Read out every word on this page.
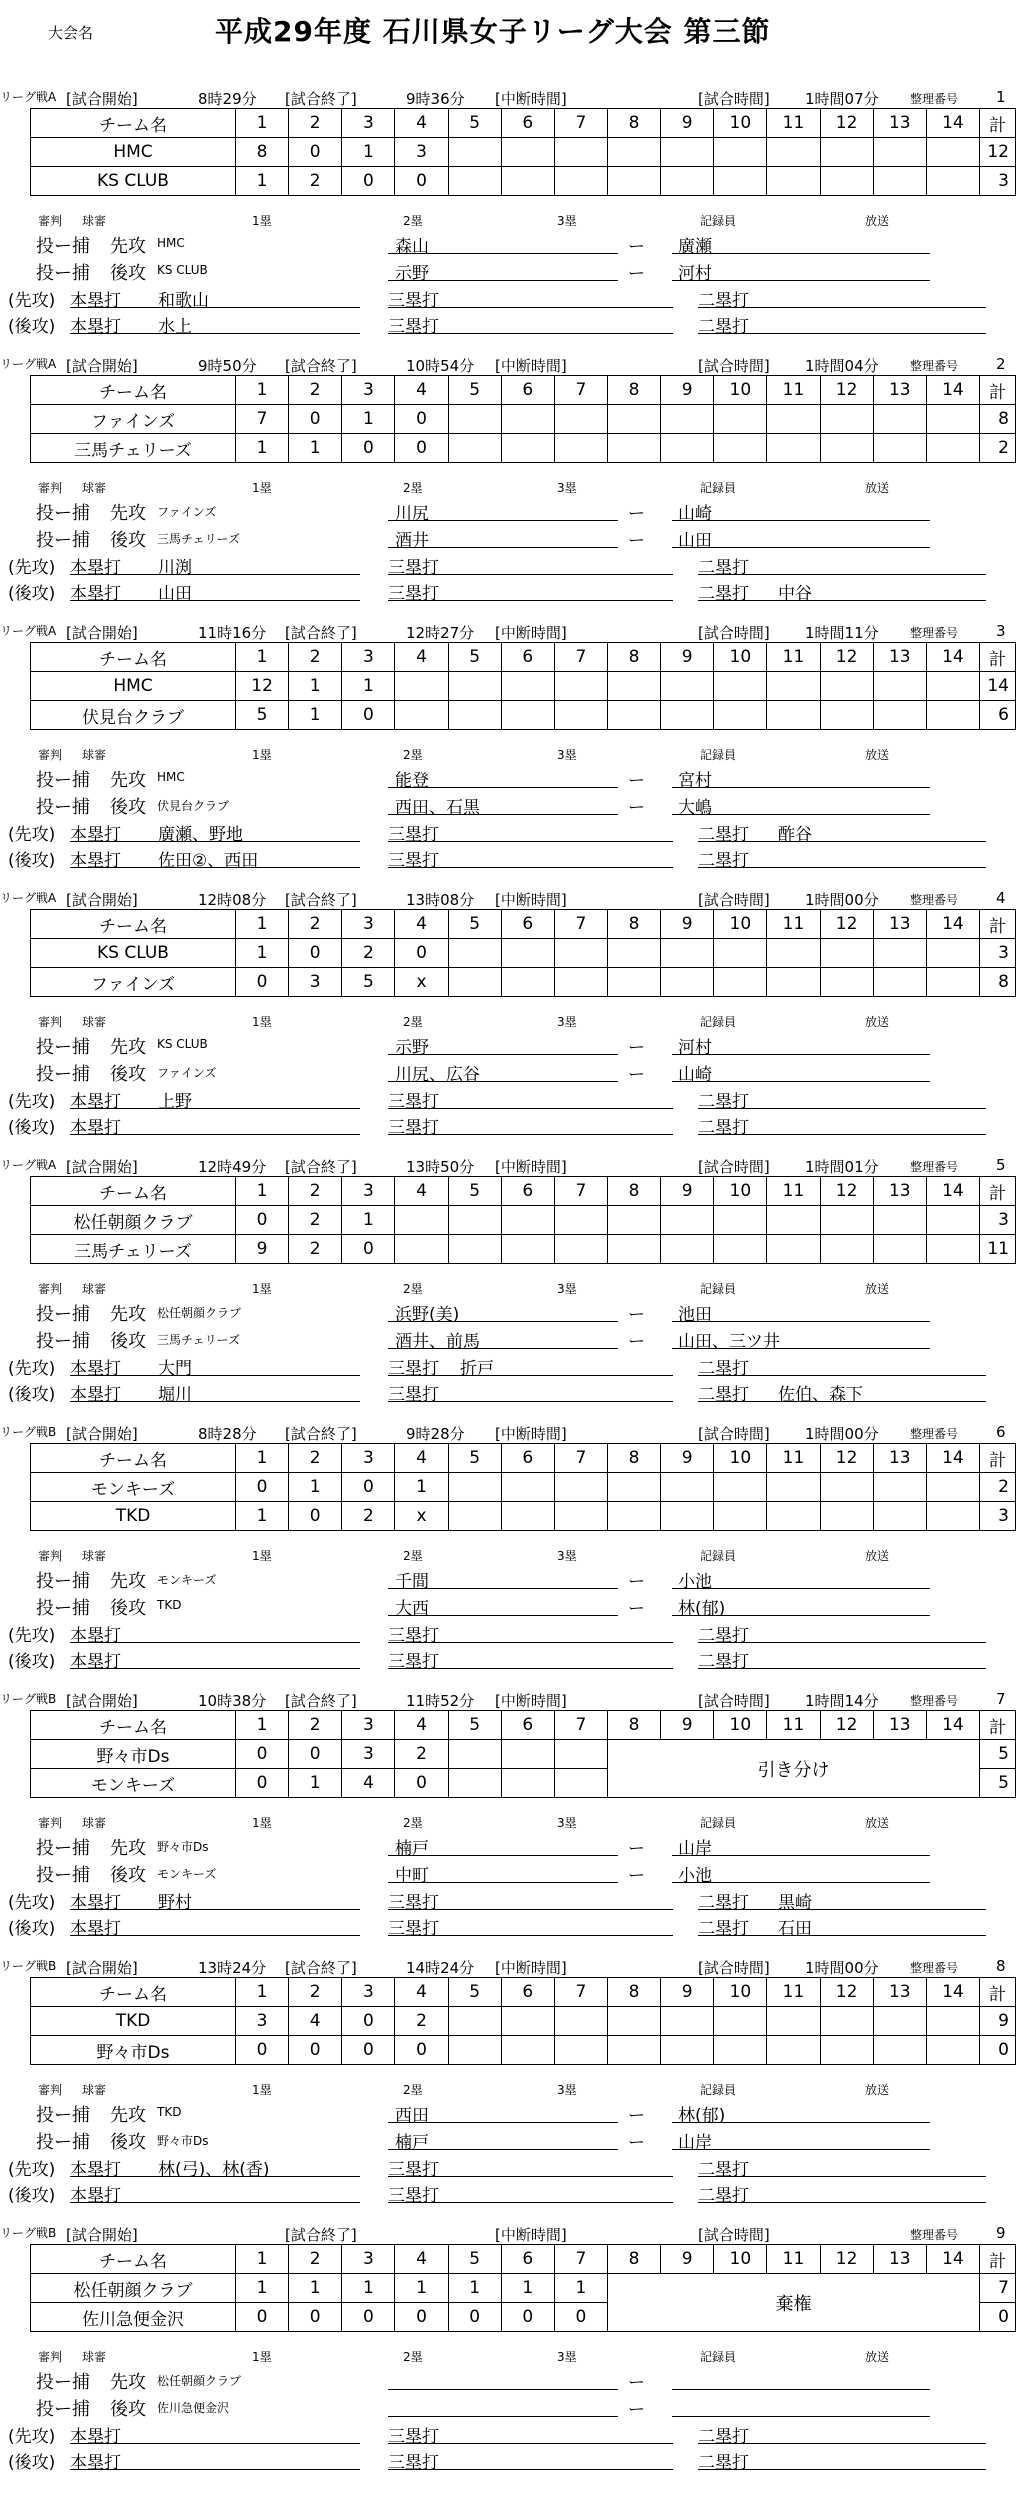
大会名	平成29年度 石川県女子リーグ大会 第三節
リーグ戦A [試合開始]	8時29分 [試合終了]	9時36分 [中断時間]	[試合時間] 1時間07分	整理番号	1
チーム名	1	2	3	4	5	6	7	8	9	10	11	12	13	14	計
HMC	8	0	1	3											12
KS CLUB	1	2	0	0											3
審判 球審	1塁	2塁	3塁	記録員	放送
投ー捕 先攻 HMC	森山	ー 廣瀬
投ー捕 後攻 KS CLUB	示野	ー 河村
(先攻) 本塁打 和歌山	三塁打	二塁打
(後攻) 本塁打 水上	三塁打	二塁打
リーグ戦A [試合開始]	9時50分 [試合終了]	10時54分 [中断時間]	[試合時間] 1時間04分	整理番号	2
チーム名	1	2	3	4	5	6	7	8	9	10	11	12	13	14	計
ファインズ	7	0	1	0											8
三馬チェリーズ	1	1	0	0											2
審判 球審	1塁	2塁	3塁	記録員	放送
投ー捕 先攻 ファインズ	川尻	ー 山崎
投ー捕 後攻 三馬チェリーズ	酒井	ー 山田
(先攻) 本塁打 川渕	三塁打	二塁打
(後攻) 本塁打 山田	三塁打	二塁打 中谷
リーグ戦A [試合開始]	11時16分 [試合終了]	12時27分 [中断時間]	[試合時間] 1時間11分	整理番号	3
チーム名	1	2	3	4	5	6	7	8	9	10	11	12	13	14	計
HMC	12	1	1												14
伏見台クラブ	5	1	0												6
審判 球審	1塁	2塁	3塁	記録員	放送
投ー捕 先攻 HMC	能登	ー 宮村
投ー捕 後攻 伏見台クラブ	西田、石黒	ー 大嶋
(先攻) 本塁打 廣瀬、野地	三塁打	二塁打 酢谷
(後攻) 本塁打 佐田②、西田	三塁打	二塁打
リーグ戦A [試合開始]	12時08分 [試合終了]	13時08分 [中断時間]	[試合時間] 1時間00分	整理番号	4
チーム名	1	2	3	4	5	6	7	8	9	10	11	12	13	14	計
KS CLUB	1	0	2	0											3
ファインズ	0	3	5	x											8
審判 球審	1塁	2塁	3塁	記録員	放送
投ー捕 先攻 KS CLUB	示野	ー 河村
投ー捕 後攻 ファインズ	川尻、広谷	ー 山崎
(先攻) 本塁打 上野	三塁打	二塁打
(後攻) 本塁打	三塁打	二塁打
リーグ戦A [試合開始]	12時49分 [試合終了]	13時50分 [中断時間]	[試合時間] 1時間01分	整理番号	5
チーム名	1	2	3	4	5	6	7	8	9	10	11	12	13	14	計
松任朝顔クラブ	0	2	1												3
三馬チェリーズ	9	2	0												11
審判 球審	1塁	2塁	3塁	記録員	放送
投ー捕 先攻 松任朝顔クラブ	浜野(美)	ー 池田
投ー捕 後攻 三馬チェリーズ	酒井、前馬	ー 山田、三ツ井
(先攻) 本塁打 大門	三塁打 折戸	二塁打
(後攻) 本塁打 堀川	三塁打	二塁打 佐伯、森下
リーグ戦B [試合開始]	8時28分 [試合終了]	9時28分 [中断時間]	[試合時間] 1時間00分	整理番号	6
チーム名	1	2	3	4	5	6	7	8	9	10	11	12	13	14	計
モンキーズ	0	1	0	1											2
TKD	1	0	2	x											3
審判 球審	1塁	2塁	3塁	記録員	放送
投ー捕 先攻 モンキーズ	千間	ー 小池
投ー捕 後攻 TKD	大西	ー 林(郁)
(先攻) 本塁打	三塁打	二塁打
(後攻) 本塁打	三塁打	二塁打
リーグ戦B [試合開始]	10時38分 [試合終了]	11時52分 [中断時間]	[試合時間] 1時間14分	整理番号	7
チーム名	1	2	3	4	5	6	7	8	9	10	11	12	13	14	計
野々市Ds	0	0	3	2				引き分け							5
モンキーズ	0	1	4	0											5
審判 球審	1塁	2塁	3塁	記録員	放送
投ー捕 先攻 野々市Ds	楠戸	ー 山岸
投ー捕 後攻 モンキーズ	中町	ー 小池
(先攻) 本塁打 野村	三塁打	二塁打 黒崎
(後攻) 本塁打	三塁打	二塁打 石田
リーグ戦B [試合開始]	13時24分 [試合終了]	14時24分 [中断時間]	[試合時間] 1時間00分	整理番号	8
チーム名	1	2	3	4	5	6	7	8	9	10	11	12	13	14	計
TKD	3	4	0	2											9
野々市Ds	0	0	0	0											0
審判 球審	1塁	2塁	3塁	記録員	放送
投ー捕 先攻 TKD	西田	ー 林(郁)
投ー捕 後攻 野々市Ds	楠戸	ー 山岸
(先攻) 本塁打 林(弓)、林(香)	三塁打	二塁打
(後攻) 本塁打	三塁打	二塁打
リーグ戦B [試合開始]	[試合終了]	[中断時間]	[試合時間]	整理番号	9
チーム名	1	2	3	4	5	6	7	8	9	10	11	12	13	14	計
松任朝顔クラブ	1	1	1	1	1	1	1	棄権							7
佐川急便金沢	0	0	0	0	0	0	0								0
審判 球審	1塁	2塁	3塁	記録員	放送
投ー捕 先攻 松任朝顔クラブ	ー
投ー捕 後攻 佐川急便金沢	ー
(先攻) 本塁打	三塁打	二塁打
(後攻) 本塁打	三塁打	二塁打
